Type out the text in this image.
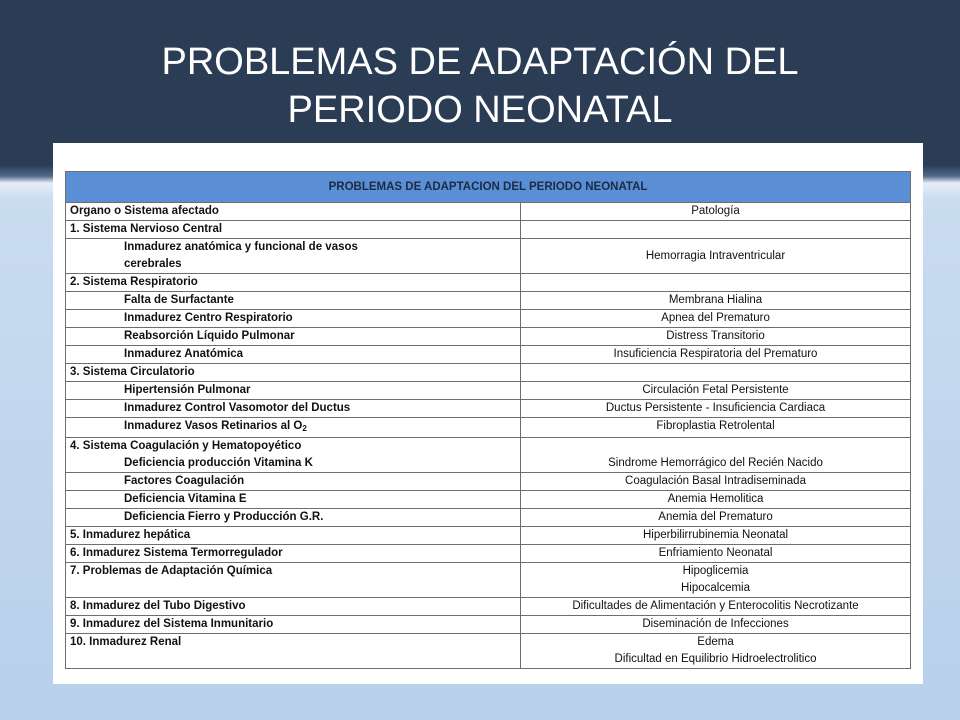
PROBLEMAS DE ADAPTACIÓN DEL
PERIODO NEONATAL
PROBLEMAS DE ADAPTACION DEL PERIODO NEONATAL	
Organo o Sistema afectado	Patología

1. Sistema Nervioso Central	

Inmadurez anatómica y funcional de vasos
cerebrales	Hemorragia Intraventricular

2. Sistema Respiratorio	

Falta de Surfactante	Membrana Hialina

Inmadurez Centro Respiratorio	Apnea del Prematuro

Reabsorción Líquido Pulmonar	Distress Transitorio

Inmadurez Anatómica	Insuficiencia Respiratoria del Prematuro

3. Sistema Circulatorio	

Hipertensión Pulmonar	Circulación Fetal Persistente

Inmadurez Control Vasomotor del Ductus	Ductus Persistente - Insuficiencia Cardiaca

Inmadurez Vasos Retinarios al O2	Fibroplastia Retrolental

4. Sistema Coagulación y Hematopoyético
Deficiencia producción Vitamina K	Sindrome Hemorrágico del Recién Nacido

Factores Coagulación	Coagulación Basal Intradiseminada

Deficiencia Vitamina E	Anemia Hemolitica

Deficiencia Fierro y Producción G.R.	Anemia del Prematuro

5. Inmadurez hepática	Hiperbilirrubinemia Neonatal

6. Inmadurez Sistema Termorregulador	Enfriamiento Neonatal

7. Problemas de Adaptación Química	Hipoglicemia
Hipocalcemia

8. Inmadurez del Tubo Digestivo	Dificultades de Alimentación y Enterocolitis Necrotizante

9. Inmadurez del Sistema Inmunitario	Diseminación de Infecciones

10. Inmadurez Renal	Edema
Dificultad en Equilibrio Hidroelectrolitico
